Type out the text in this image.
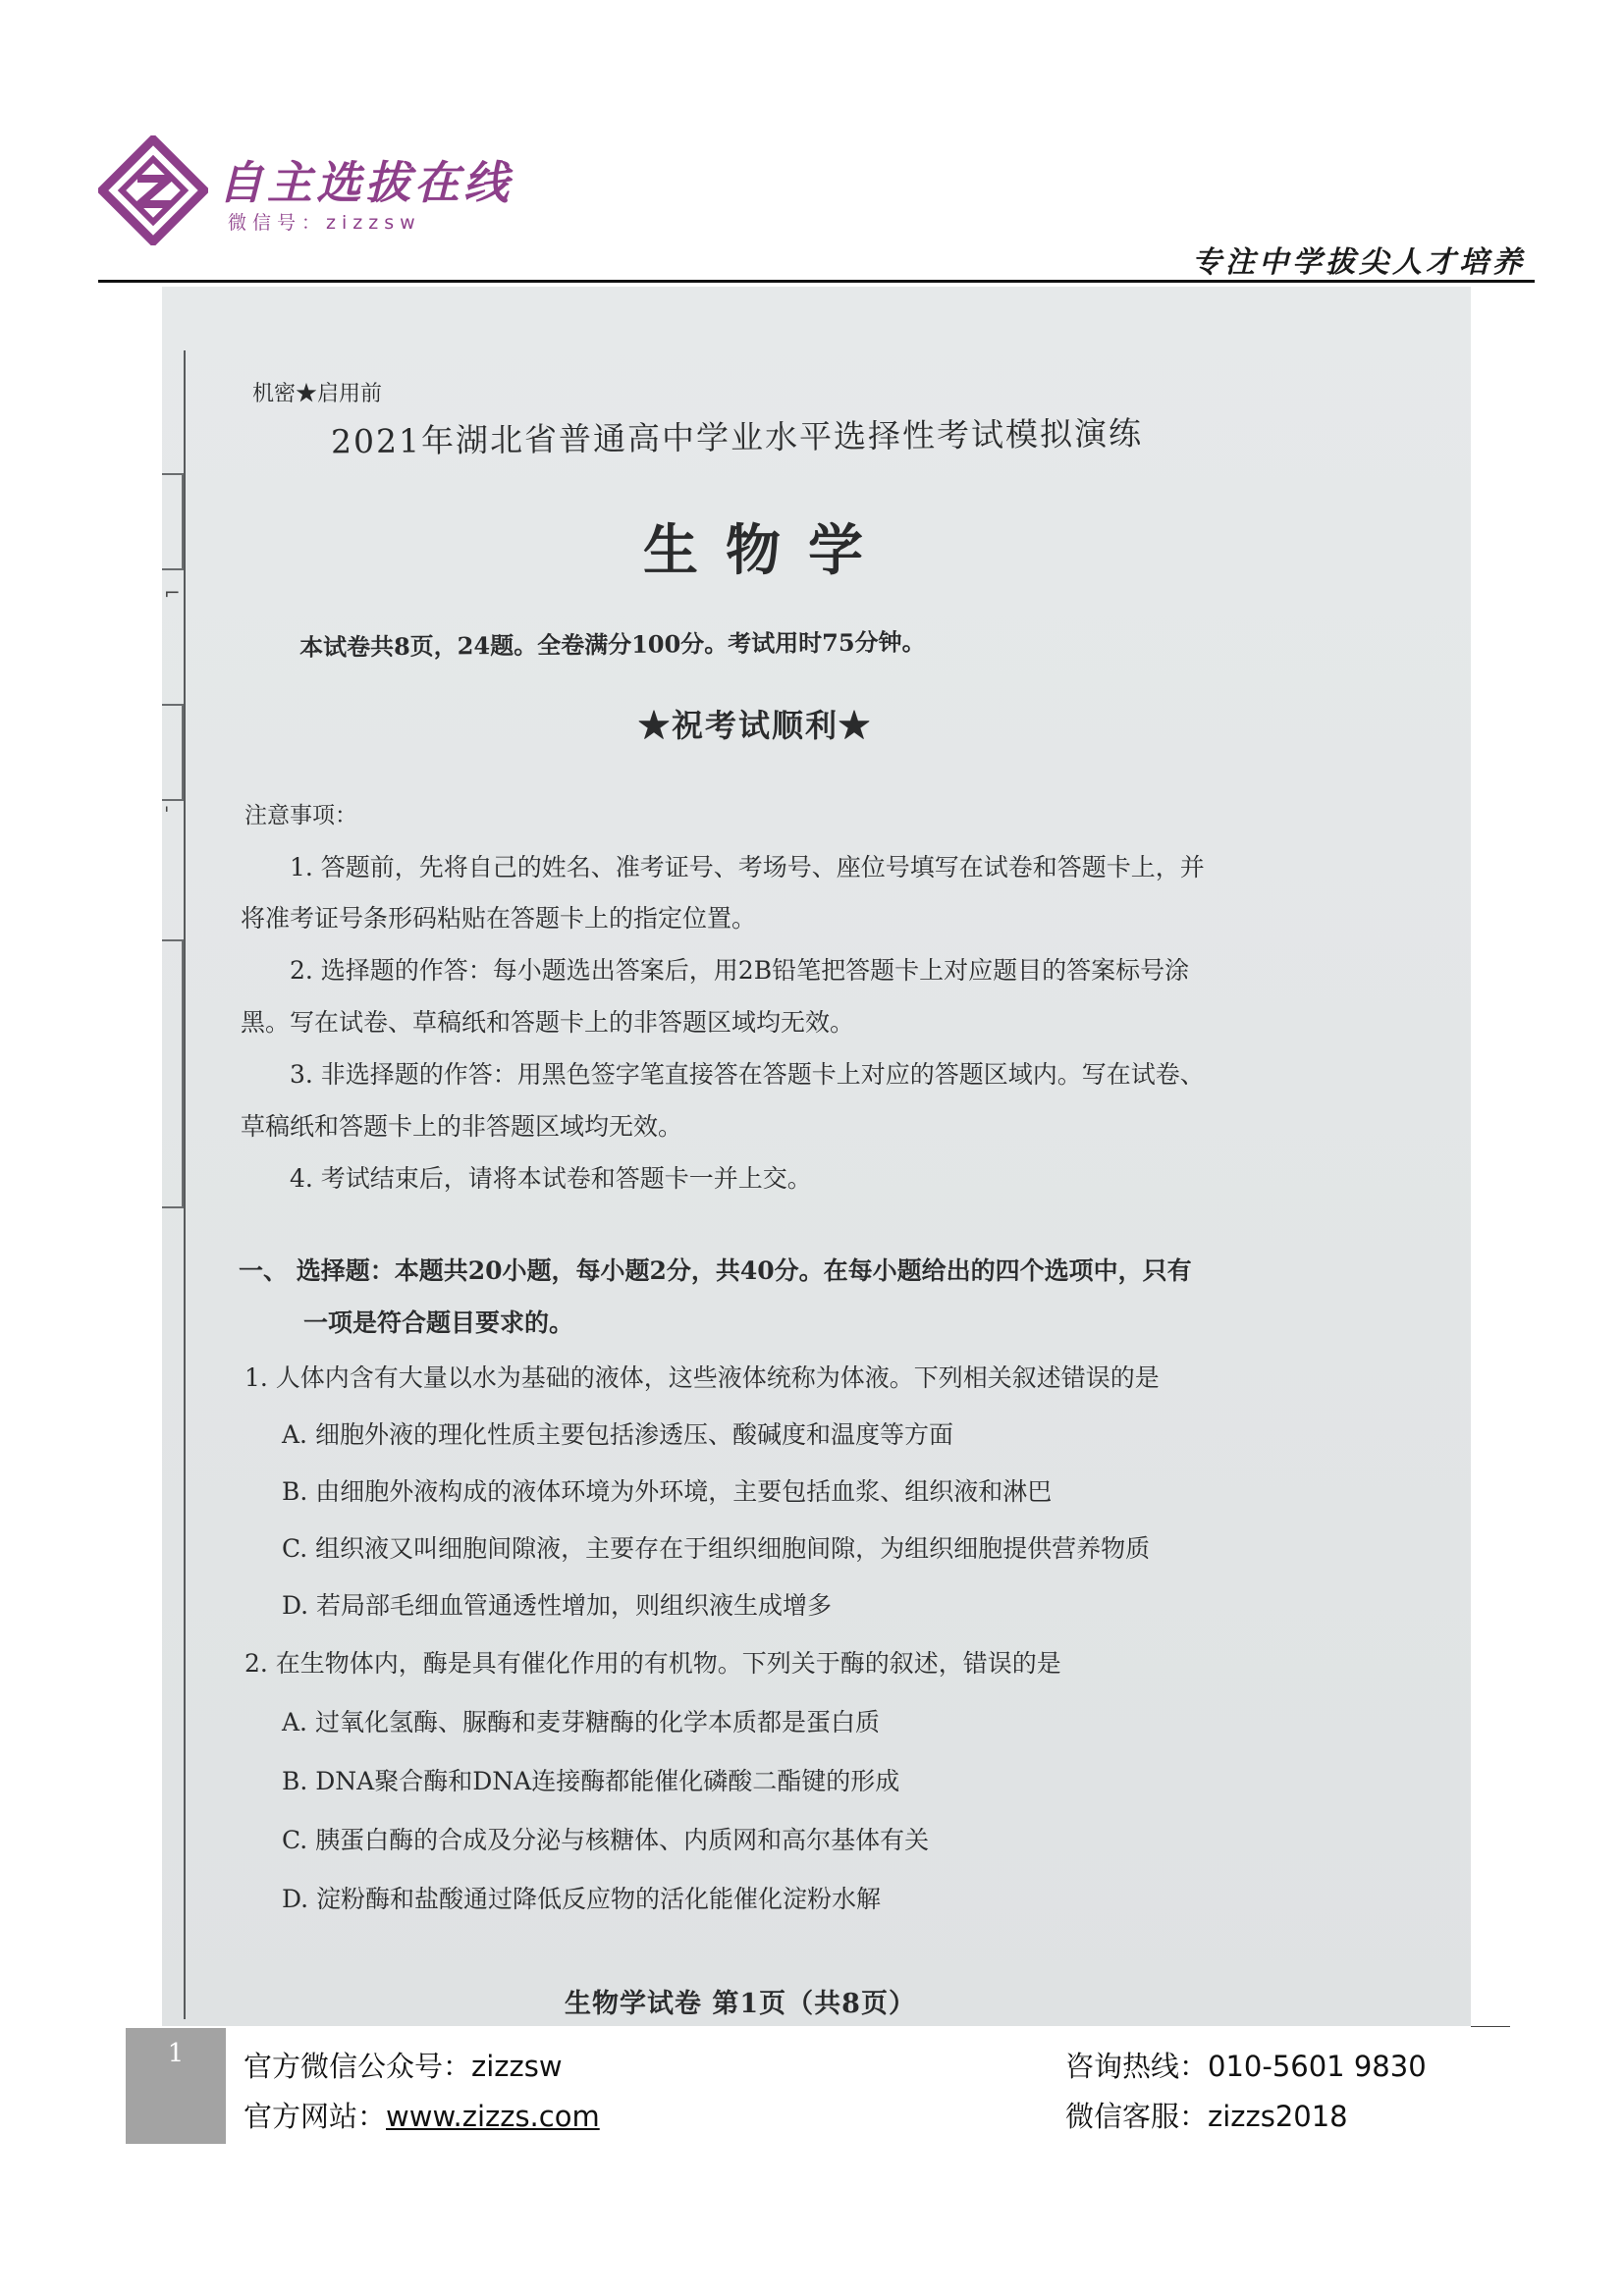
自主选拔在线
微信号：zizzsw
专注中学拔尖人才培养
⌐
'
机密★启用前
2021年湖北省普通高中学业水平选择性考试模拟演练
生物学
本试卷共8页，24题。全卷满分100分。考试用时75分钟。
★祝考试顺利★
注意事项：
1. 答题前，先将自己的姓名、准考证号、考场号、座位号填写在试卷和答题卡上，并
将准考证号条形码粘贴在答题卡上的指定位置。
2. 选择题的作答：每小题选出答案后，用2B铅笔把答题卡上对应题目的答案标号涂
黑。写在试卷、草稿纸和答题卡上的非答题区域均无效。
3. 非选择题的作答：用黑色签字笔直接答在答题卡上对应的答题区域内。写在试卷、
草稿纸和答题卡上的非答题区域均无效。
4. 考试结束后，请将本试卷和答题卡一并上交。
一、 选择题：本题共20小题，每小题2分，共40分。在每小题给出的四个选项中，只有
一项是符合题目要求的。
1. 人体内含有大量以水为基础的液体，这些液体统称为体液。下列相关叙述错误的是
A. 细胞外液的理化性质主要包括渗透压、酸碱度和温度等方面
B. 由细胞外液构成的液体环境为外环境，主要包括血浆、组织液和淋巴
C. 组织液又叫细胞间隙液，主要存在于组织细胞间隙，为组织细胞提供营养物质
D. 若局部毛细血管通透性增加，则组织液生成增多
2. 在生物体内，酶是具有催化作用的有机物。下列关于酶的叙述，错误的是
A. 过氧化氢酶、脲酶和麦芽糖酶的化学本质都是蛋白质
B. DNA聚合酶和DNA连接酶都能催化磷酸二酯键的形成
C. 胰蛋白酶的合成及分泌与核糖体、内质网和高尔基体有关
D. 淀粉酶和盐酸通过降低反应物的活化能催化淀粉水解
生物学试卷 第1页（共8页）
1	官方微信公众号：zizzsw
官方网站：www.zizzs.com
咨询热线：010-5601 9830
微信客服：zizzs2018
